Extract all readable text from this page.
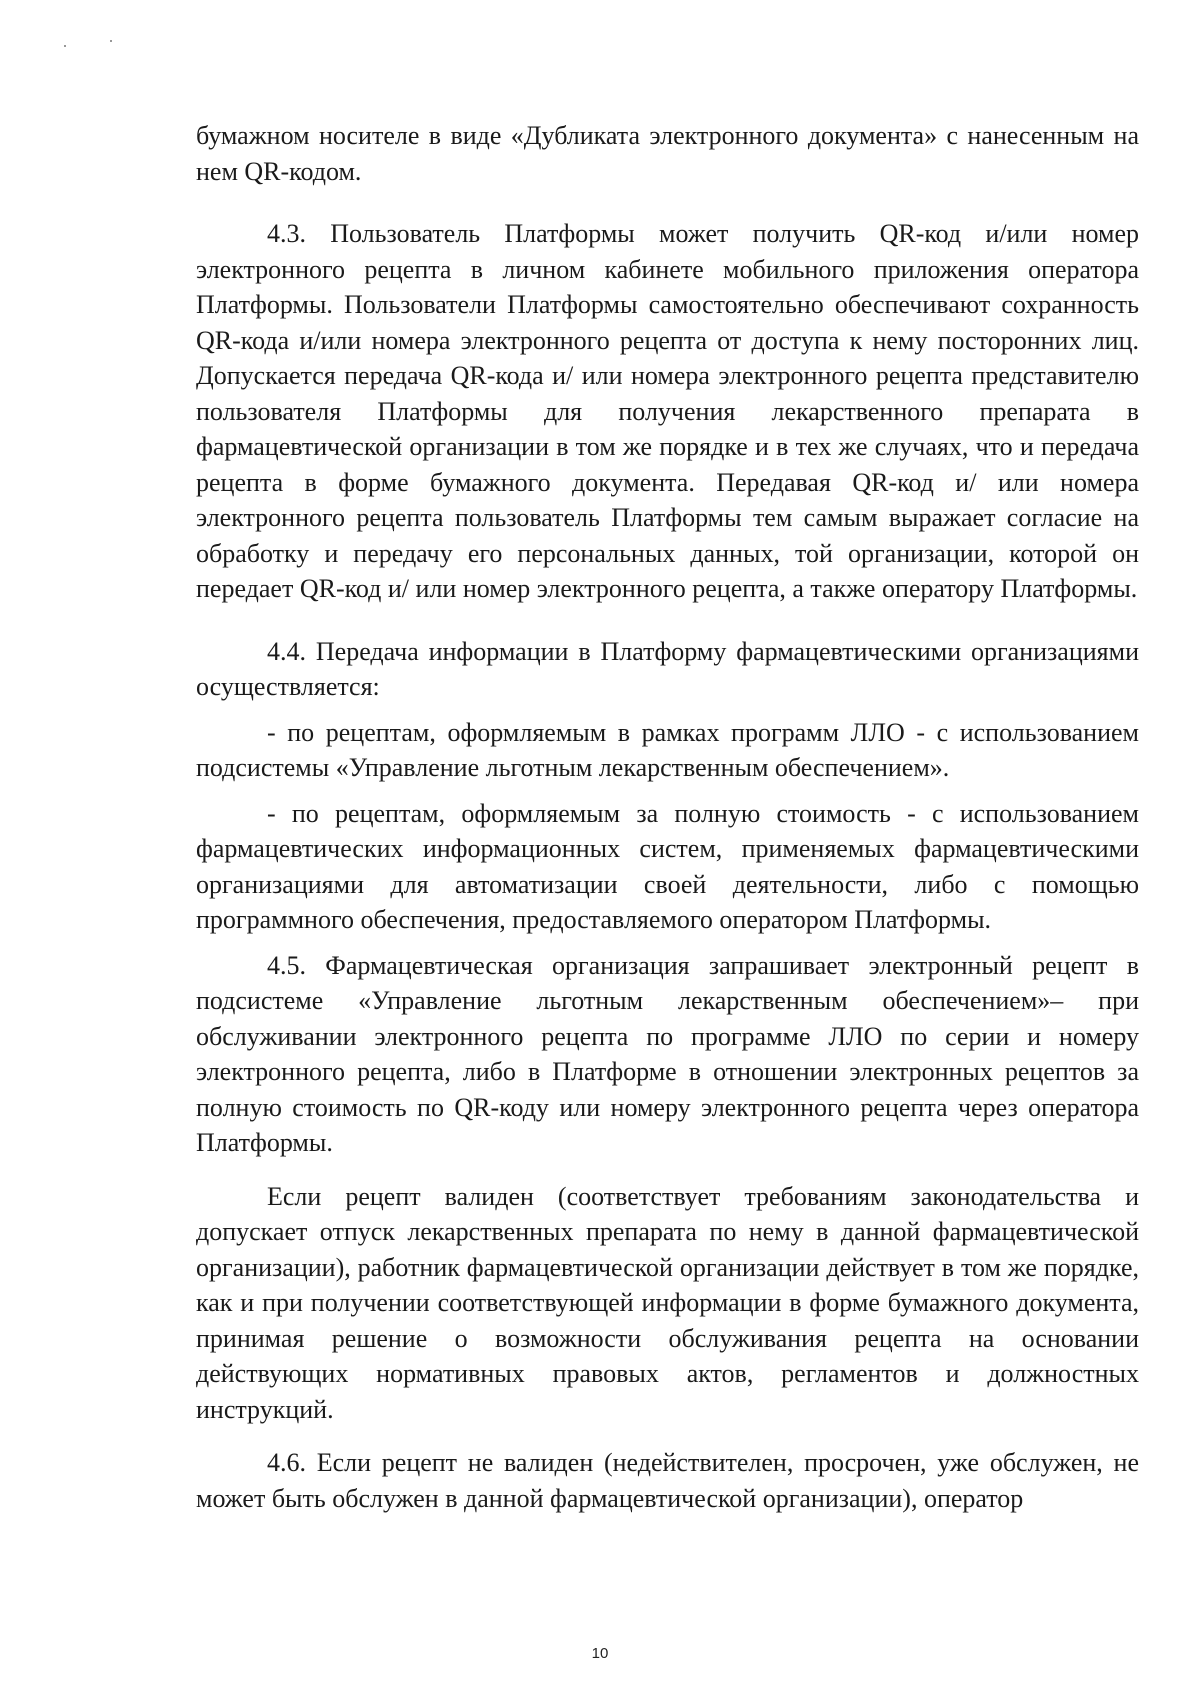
бумажном носителе в виде «Дубликата электронного документа» с нанесенным на нем QR-кодом.

4.3. Пользователь Платформы может получить QR-код и/или номер электронного рецепта в личном кабинете мобильного приложения оператора Платформы. Пользователи Платформы самостоятельно обеспечивают сохранность QR-кода и/или номера электронного рецепта от доступа к нему посторонних лиц. Допускается передача QR-кода и/ или номера электронного рецепта представителю пользователя Платформы для получения лекарственного препарата в фармацевтической организации в том же порядке и в тех же случаях, что и передача рецепта в форме бумажного документа. Передавая QR-код и/ или номера электронного рецепта пользователь Платформы тем самым выражает согласие на обработку и передачу его персональных данных, той организации, которой он передает QR-код и/ или номер электронного рецепта, а также оператору Платформы.

4.4. Передача информации в Платформу фармацевтическими организациями осуществляется:

- по рецептам, оформляемым в рамках программ ЛЛО - с использованием подсистемы «Управление льготным лекарственным обеспечением».

- по рецептам, оформляемым за полную стоимость - с использованием фармацевтических информационных систем, применяемых фармацевтическими организациями для автоматизации своей деятельности, либо с помощью программного обеспечения, предоставляемого оператором Платформы.

4.5. Фармацевтическая организация запрашивает электронный рецепт в подсистеме «Управление льготным лекарственным обеспечением»– при обслуживании электронного рецепта по программе ЛЛО по серии и номеру электронного рецепта, либо в Платформе в отношении электронных рецептов за полную стоимость по QR-коду или номеру электронного рецепта через оператора Платформы.

Если рецепт валиден (соответствует требованиям законодательства и допускает отпуск лекарственных препарата по нему в данной фармацевтической организации), работник фармацевтической организации действует в том же порядке, как и при получении соответствующей информации в форме бумажного документа, принимая решение о возможности обслуживания рецепта на основании действующих нормативных правовых актов, регламентов и должностных инструкций.

4.6. Если рецепт не валиден (недействителен, просрочен, уже обслужен, не может быть обслужен в данной фармацевтической организации), оператор

10
